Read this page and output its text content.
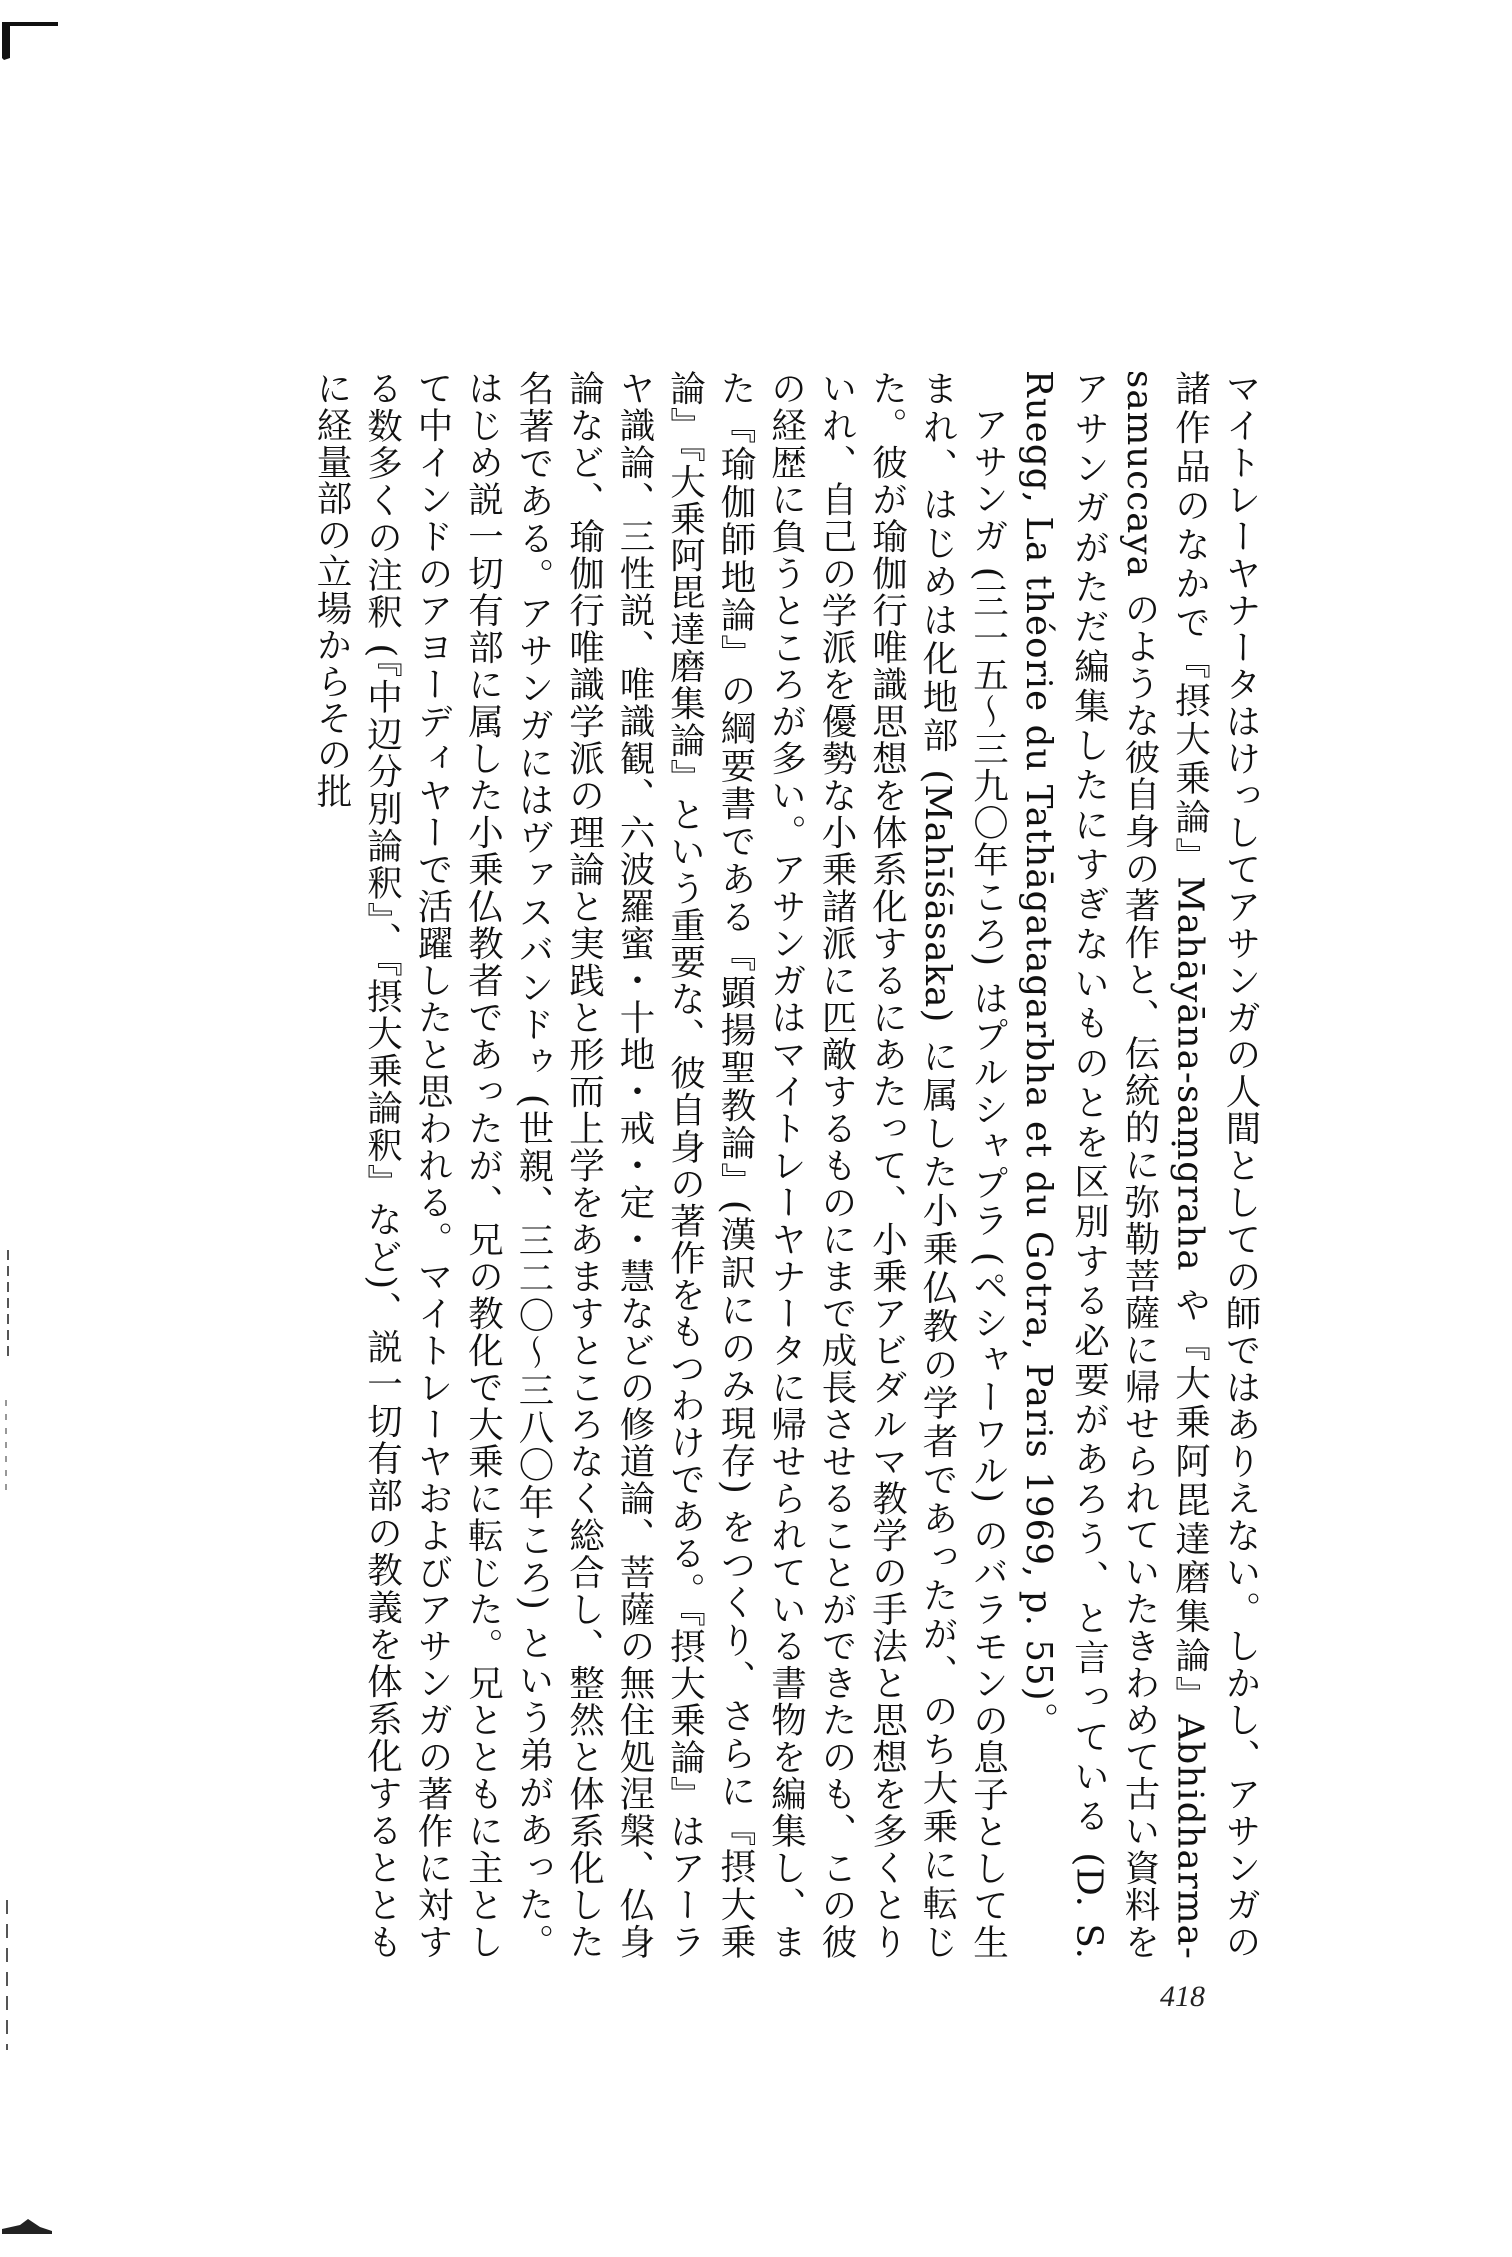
マイトレーヤナータはけっしてアサンガの人間としての師ではありえない。しかし、アサンガの諸作品のなかで『摂大乗論』Mahāyāna-saṃgraha や『大乗阿毘達磨集論』Abhidharma-samuccaya のような彼自身の著作と、伝統的に弥勒菩薩に帰せられていたきわめて古い資料をアサンガがただ編集したにすぎないものとを区別する必要があろう、と言っている (D. S. Ruegg, La théorie du Tathāgatagarbha et du Gotra, Paris 1969, p. 55)。

アサンガ (三一五〜三九〇年ころ) はプルシャプラ (ペシャーワル) のバラモンの息子として生まれ、はじめは化地部 (Mahīśāsaka) に属した小乗仏教の学者であったが、のち大乗に転じた。彼が瑜伽行唯識思想を体系化するにあたって、小乗アビダルマ教学の手法と思想を多くとりいれ、自己の学派を優勢な小乗諸派に匹敵するものにまで成長させることができたのも、この彼の経歴に負うところが多い。アサンガはマイトレーヤナータに帰せられている書物を編集し、また『瑜伽師地論』の綱要書である『顕揚聖教論』(漢訳にのみ現存) をつくり、さらに『摂大乗論』『大乗阿毘達磨集論』という重要な、彼自身の著作をもつわけである。『摂大乗論』はアーラヤ識論、三性説、唯識観、六波羅蜜・十地・戒・定・慧などの修道論、菩薩の無住処涅槃、仏身論など、瑜伽行唯識学派の理論と実践と形而上学をあますところなく総合し、整然と体系化した名著である。アサンガにはヴァスバンドゥ (世親、三二〇〜三八〇年ころ) という弟があった。はじめ説一切有部に属した小乗仏教者であったが、兄の教化で大乗に転じた。兄とともに主として中インドのアヨーディヤーで活躍したと思われる。マイトレーヤおよびアサンガの著作に対する数多くの注釈 (『中辺分別論釈』、『摂大乗論釈』など)、説一切有部の教義を体系化するとともに経量部の立場からその批

418
